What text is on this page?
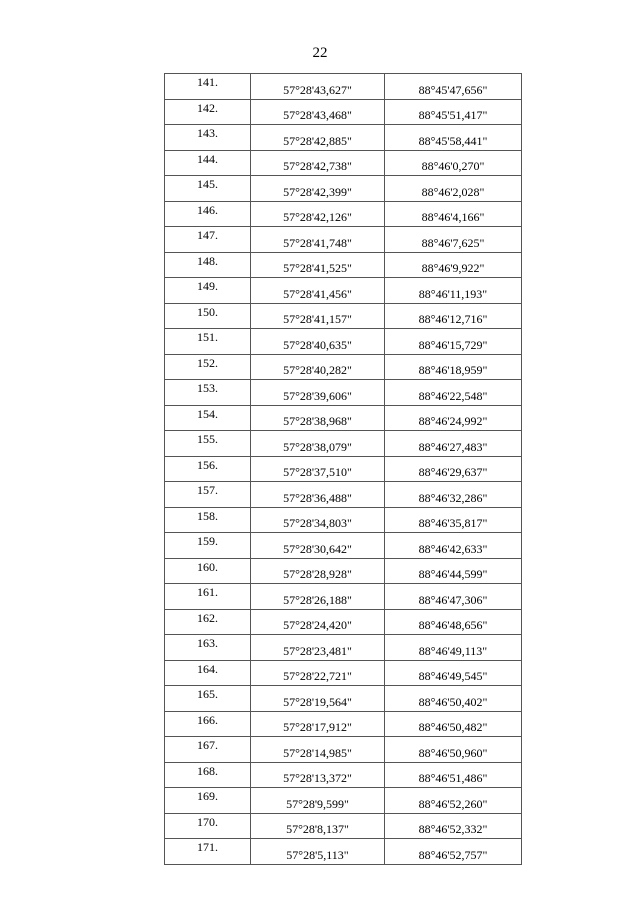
22
141.	57°28'43,627"	88°45'47,656"
142.	57°28'43,468"	88°45'51,417"
143.	57°28'42,885"	88°45'58,441"
144.	57°28'42,738"	88°46'0,270"
145.	57°28'42,399"	88°46'2,028"
146.	57°28'42,126"	88°46'4,166"
147.	57°28'41,748"	88°46'7,625"
148.	57°28'41,525"	88°46'9,922"
149.	57°28'41,456"	88°46'11,193"
150.	57°28'41,157"	88°46'12,716"
151.	57°28'40,635"	88°46'15,729"
152.	57°28'40,282"	88°46'18,959"
153.	57°28'39,606"	88°46'22,548"
154.	57°28'38,968"	88°46'24,992"
155.	57°28'38,079"	88°46'27,483"
156.	57°28'37,510"	88°46'29,637"
157.	57°28'36,488"	88°46'32,286"
158.	57°28'34,803"	88°46'35,817"
159.	57°28'30,642"	88°46'42,633"
160.	57°28'28,928"	88°46'44,599"
161.	57°28'26,188"	88°46'47,306"
162.	57°28'24,420"	88°46'48,656"
163.	57°28'23,481"	88°46'49,113"
164.	57°28'22,721"	88°46'49,545"
165.	57°28'19,564"	88°46'50,402"
166.	57°28'17,912"	88°46'50,482"
167.	57°28'14,985"	88°46'50,960"
168.	57°28'13,372"	88°46'51,486"
169.	57°28'9,599"	88°46'52,260"
170.	57°28'8,137"	88°46'52,332"
171.	57°28'5,113"	88°46'52,757"
